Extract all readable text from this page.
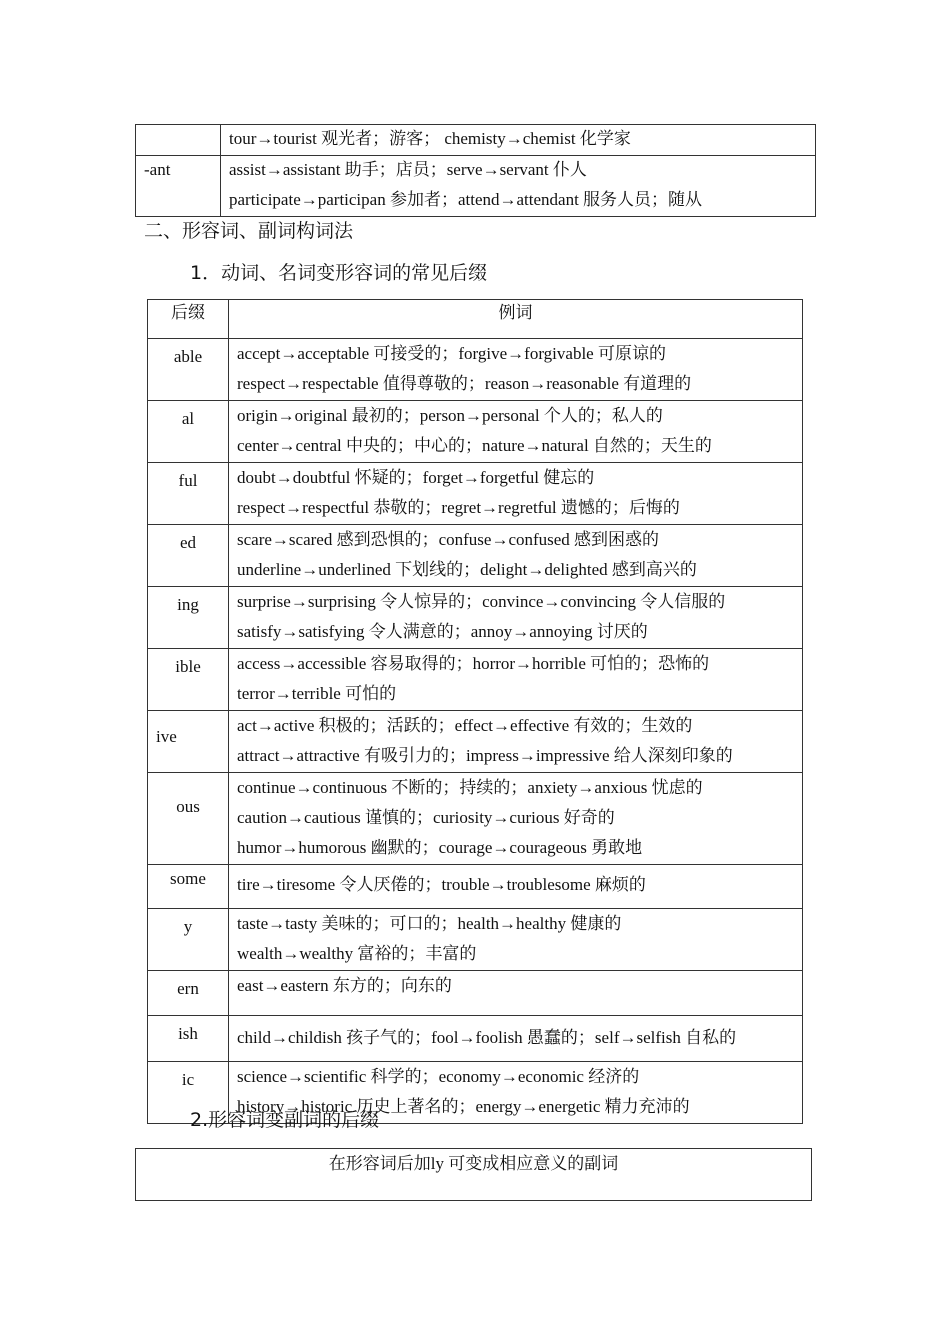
	tour→tourist 观光者；游客； chemisty→chemist 化学家

-ant	assist→assistant 助手；店员；serve→servant 仆人
participate→participan 参加者；attend→attendant 服务人员；随从
二、形容词、副词构词法
1．动词、名词变形容词的常见后缀
后缀	例词
able	accept→acceptable 可接受的；forgive→forgivable 可原谅的
respect→respectable 值得尊敬的；reason→reasonable 有道理的

al	origin→original 最初的；person→personal 个人的；私人的
center→central 中央的；中心的；nature→natural 自然的；天生的

ful	doubt→doubtful 怀疑的；forget→forgetful 健忘的
respect→respectful 恭敬的；regret→regretful 遗憾的；后悔的

ed	scare→scared 感到恐惧的；confuse→confused 感到困惑的
underline→underlined 下划线的；delight→delighted 感到高兴的

ing	surprise→surprising 令人惊异的；convince→convincing 令人信服的
satisfy→satisfying 令人满意的；annoy→annoying 讨厌的

ible	access→accessible 容易取得的；horror→horrible 可怕的；恐怖的
terror→terrible 可怕的

ive	act→active 积极的；活跃的；effect→effective 有效的；生效的
attract→attractive 有吸引力的；impress→impressive 给人深刻印象的

ous	continue→continuous 不断的；持续的；anxiety→anxious 忧虑的
caution→cautious 谨慎的；curiosity→curious 好奇的
humor→humorous 幽默的；courage→courageous 勇敢地

some	tire→tiresome 令人厌倦的；trouble→troublesome 麻烦的

y	taste→tasty 美味的；可口的；health→healthy 健康的
wealth→wealthy 富裕的；丰富的

ern	east→eastern 东方的；向东的

ish	child→childish 孩子气的；fool→foolish 愚蠢的；self→selfish 自私的

ic	science→scientific 科学的；economy→economic 经济的
history→historic 历史上著名的；energy→energetic 精力充沛的
2.形容词变副词的后缀
在形容词后加ly 可变成相应意义的副词
